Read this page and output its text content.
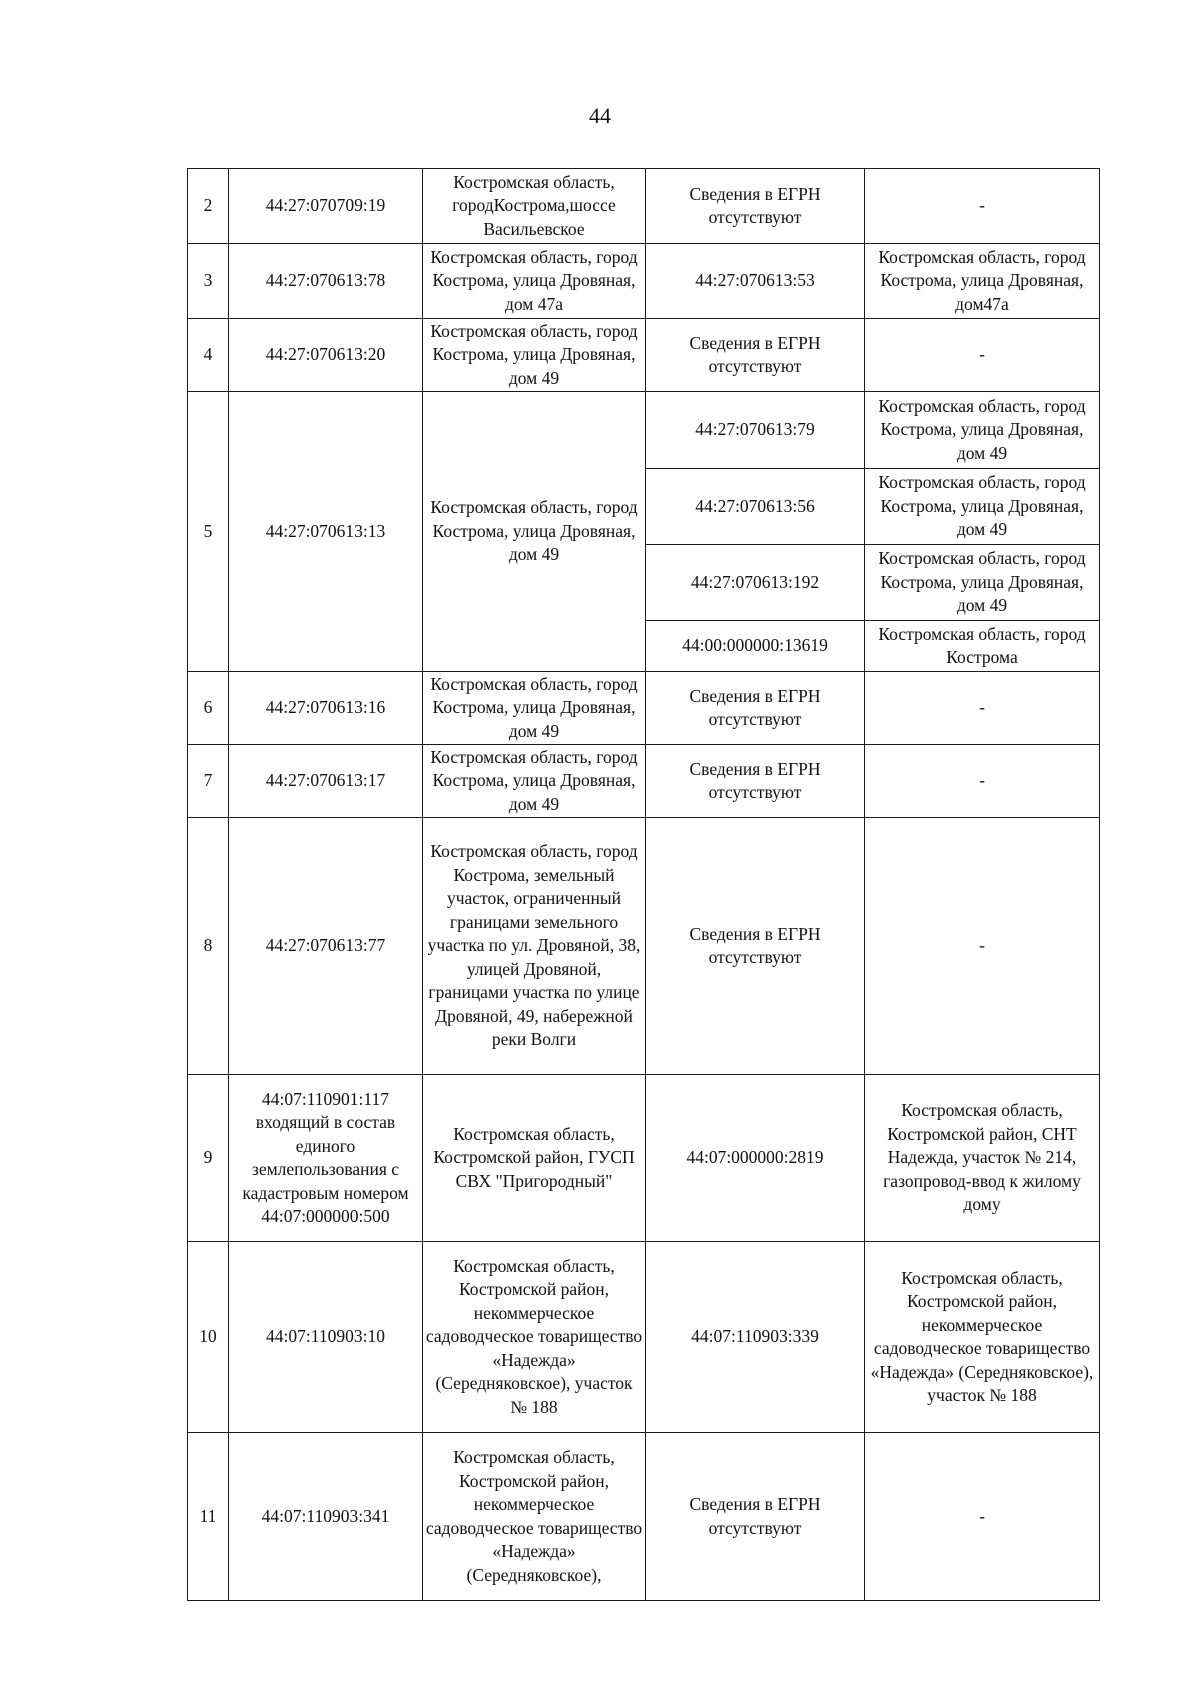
44
2	44:27:070709:19	Костромская область, городКострома,шоссе Васильевское	Сведения в ЕГРН отсутствуют	-
3	44:27:070613:78	Костромская область, город Кострома, улица Дровяная, дом 47а	44:27:070613:53	Костромская область, город Кострома, улица Дровяная, дом47а
4	44:27:070613:20	Костромская область, город Кострома, улица Дровяная, дом 49	Сведения в ЕГРН отсутствуют	-
5	44:27:070613:13	Костромская область, город Кострома, улица Дровяная, дом 49	44:27:070613:79	Костромская область, город Кострома, улица Дровяная, дом 49
			44:27:070613:56	Костромская область, город Кострома, улица Дровяная, дом 49
			44:27:070613:192	Костромская область, город Кострома, улица Дровяная, дом 49
			44:00:000000:13619	Костромская область, город Кострома
6	44:27:070613:16	Костромская область, город Кострома, улица Дровяная, дом 49	Сведения в ЕГРН отсутствуют	-
7	44:27:070613:17	Костромская область, город Кострома, улица Дровяная, дом 49	Сведения в ЕГРН отсутствуют	-
8	44:27:070613:77	Костромская область, город Кострома, земельный участок, ограниченный границами земельного участка по ул. Дровяной, 38, улицей Дровяной, границами участка по улице Дровяной, 49, набережной реки Волги	Сведения в ЕГРН отсутствуют	-
9	44:07:110901:117 входящий в состав единого землепользования с кадастровым номером 44:07:000000:500	Костромская область, Костромской район, ГУСП СВХ "Пригородный"	44:07:000000:2819	Костромская область, Костромской район, СНТ Надежда, участок № 214, газопровод-ввод к жилому дому
10	44:07:110903:10	Костромская область, Костромской район, некоммерческое садоводческое товарищество «Надежда» (Середняковское), участок № 188	44:07:110903:339	Костромская область, Костромской район, некоммерческое садоводческое товарищество «Надежда» (Середняковское), участок № 188
11	44:07:110903:341	Костромская область, Костромской район, некоммерческое садоводческое товарищество «Надежда» (Середняковское),	Сведения в ЕГРН отсутствуют	-
